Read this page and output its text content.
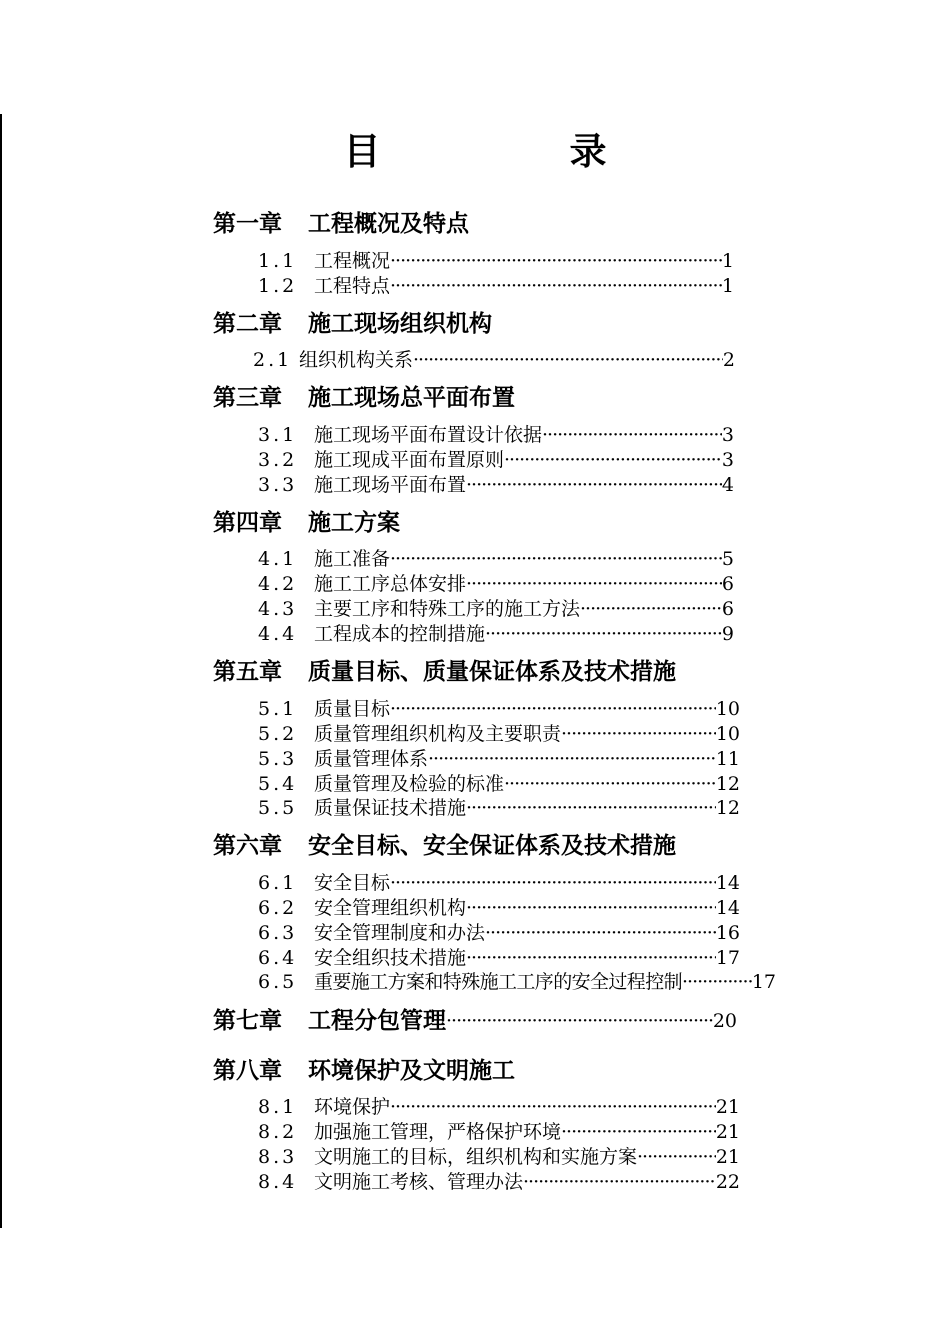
目　录
第一章 工程概况及特点
1.1 工程概况 ·····	1
1.2 工程特点 ·····	1
第二章 施工现场组织机构
2.1 组织机构关系 ·····	2
第三章 施工现场总平面布置
3.1 施工现场平面布置设计依据 ·····	3
3.2 施工现成平面布置原则 ·····	3
3.3 施工现场平面布置 ·····	4
第四章 施工方案
4.1 施工准备 ·····	5
4.2 施工工序总体安排 ·····	6
4.3 主要工序和特殊工序的施工方法 ·····	6
4.4 工程成本的控制措施 ·····	9
第五章 质量目标、质量保证体系及技术措施
5.1 质量目标 ·····	10
5.2 质量管理组织机构及主要职责 ·····	10
5.3 质量管理体系 ·····	11
5.4 质量管理及检验的标准 ·····	12
5.5 质量保证技术措施 ·····	12
第六章 安全目标、安全保证体系及技术措施
6.1 安全目标 ·····	14
6.2 安全管理组织机构 ·····	14
6.3 安全管理制度和办法 ·····	16
6.4 安全组织技术措施 ·····	17
6.5 重要施工方案和特殊施工工序的安全过程控制 ·····	17
第七章 工程分包管理 ·····	20
第八章 环境保护及文明施工
8.1 环境保护 ·····	21
8.2 加强施工管理，严格保护环境 ·····	21
8.3 文明施工的目标，组织机构和实施方案 ·····	21
8.4 文明施工考核、管理办法 ·····	22
